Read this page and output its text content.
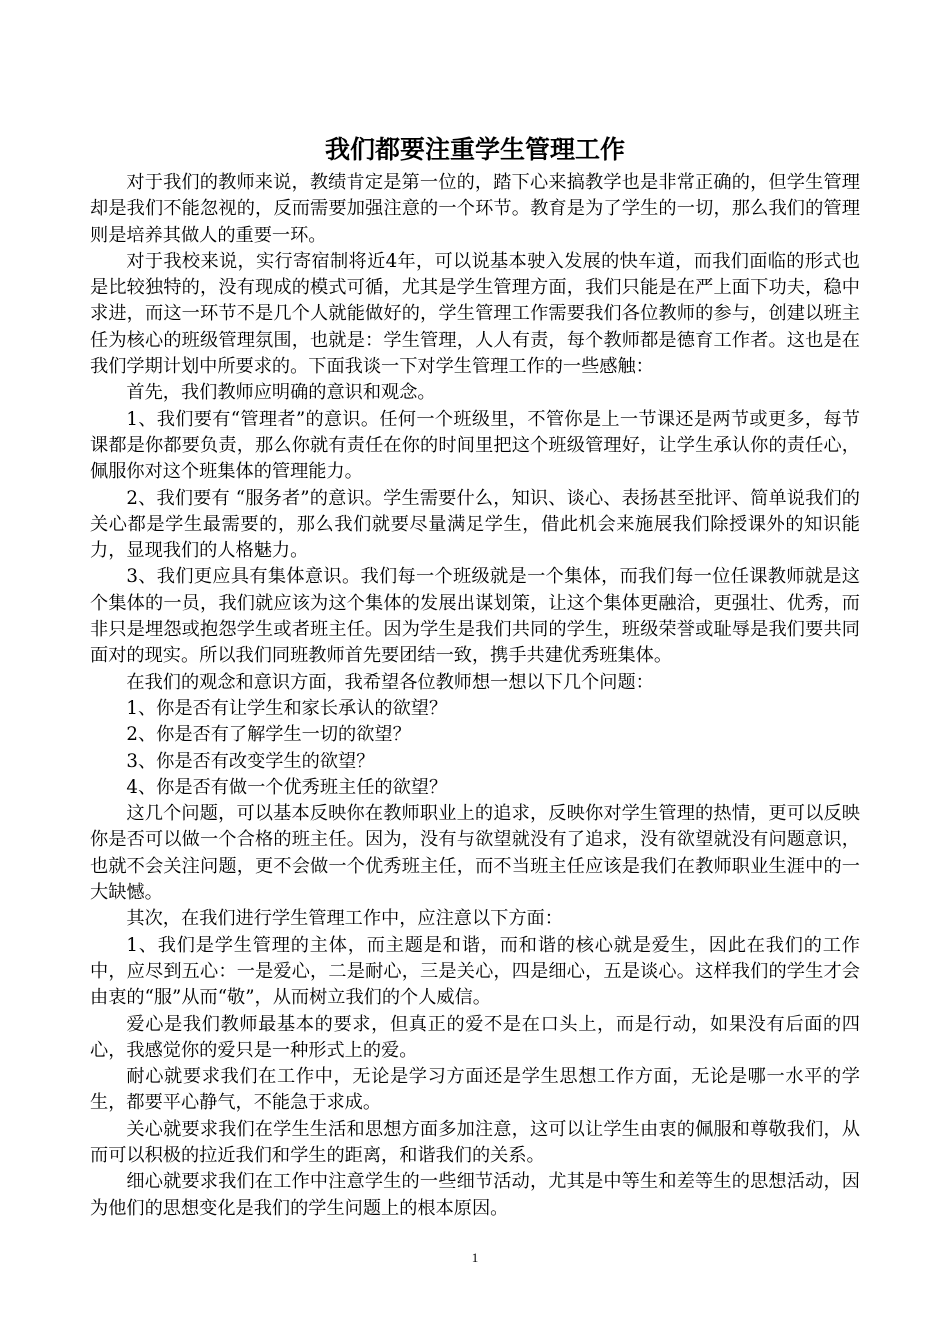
我们都要注重学生管理工作

对于我们的教师来说，教绩肯定是第一位的，踏下心来搞教学也是非常正确的，但学生管理却是我们不能忽视的，反而需要加强注意的一个环节。教育是为了学生的一切，那么我们的管理则是培养其做人的重要一环。

对于我校来说，实行寄宿制将近4年，可以说基本驶入发展的快车道，而我们面临的形式也是比较独特的，没有现成的模式可循，尤其是学生管理方面，我们只能是在严上面下功夫，稳中求进，而这一环节不是几个人就能做好的，学生管理工作需要我们各位教师的参与，创建以班主任为核心的班级管理氛围，也就是：学生管理，人人有责，每个教师都是德育工作者。这也是在我们学期计划中所要求的。下面我谈一下对学生管理工作的一些感触：

首先，我们教师应明确的意识和观念。

1、我们要有“管理者”的意识。任何一个班级里，不管你是上一节课还是两节或更多，每节课都是你都要负责，那么你就有责任在你的时间里把这个班级管理好，让学生承认你的责任心，佩服你对这个班集体的管理能力。

2、我们要有 “服务者”的意识。学生需要什么，知识、谈心、表扬甚至批评、简单说我们的关心都是学生最需要的，那么我们就要尽量满足学生，借此机会来施展我们除授课外的知识能力，显现我们的人格魅力。

3、我们更应具有集体意识。我们每一个班级就是一个集体，而我们每一位任课教师就是这个集体的一员，我们就应该为这个集体的发展出谋划策，让这个集体更融洽，更强壮、优秀，而非只是埋怨或抱怨学生或者班主任。因为学生是我们共同的学生，班级荣誉或耻辱是我们要共同面对的现实。所以我们同班教师首先要团结一致，携手共建优秀班集体。

在我们的观念和意识方面，我希望各位教师想一想以下几个问题：

1、你是否有让学生和家长承认的欲望？

2、你是否有了解学生一切的欲望？

3、你是否有改变学生的欲望？

4、你是否有做一个优秀班主任的欲望？

这几个问题，可以基本反映你在教师职业上的追求，反映你对学生管理的热情，更可以反映你是否可以做一个合格的班主任。因为，没有与欲望就没有了追求，没有欲望就没有问题意识，也就不会关注问题，更不会做一个优秀班主任，而不当班主任应该是我们在教师职业生涯中的一大缺憾。

其次，在我们进行学生管理工作中，应注意以下方面：

1、我们是学生管理的主体，而主题是和谐，而和谐的核心就是爱生，因此在我们的工作中，应尽到五心：一是爱心，二是耐心，三是关心，四是细心，五是谈心。这样我们的学生才会由衷的“服”从而“敬”，从而树立我们的个人威信。

爱心是我们教师最基本的要求，但真正的爱不是在口头上，而是行动，如果没有后面的四心，我感觉你的爱只是一种形式上的爱。

耐心就要求我们在工作中，无论是学习方面还是学生思想工作方面，无论是哪一水平的学生，都要平心静气，不能急于求成。

关心就要求我们在学生生活和思想方面多加注意，这可以让学生由衷的佩服和尊敬我们，从而可以积极的拉近我们和学生的距离，和谐我们的关系。

细心就要求我们在工作中注意学生的一些细节活动，尤其是中等生和差等生的思想活动，因为他们的思想变化是我们的学生问题上的根本原因。

1
